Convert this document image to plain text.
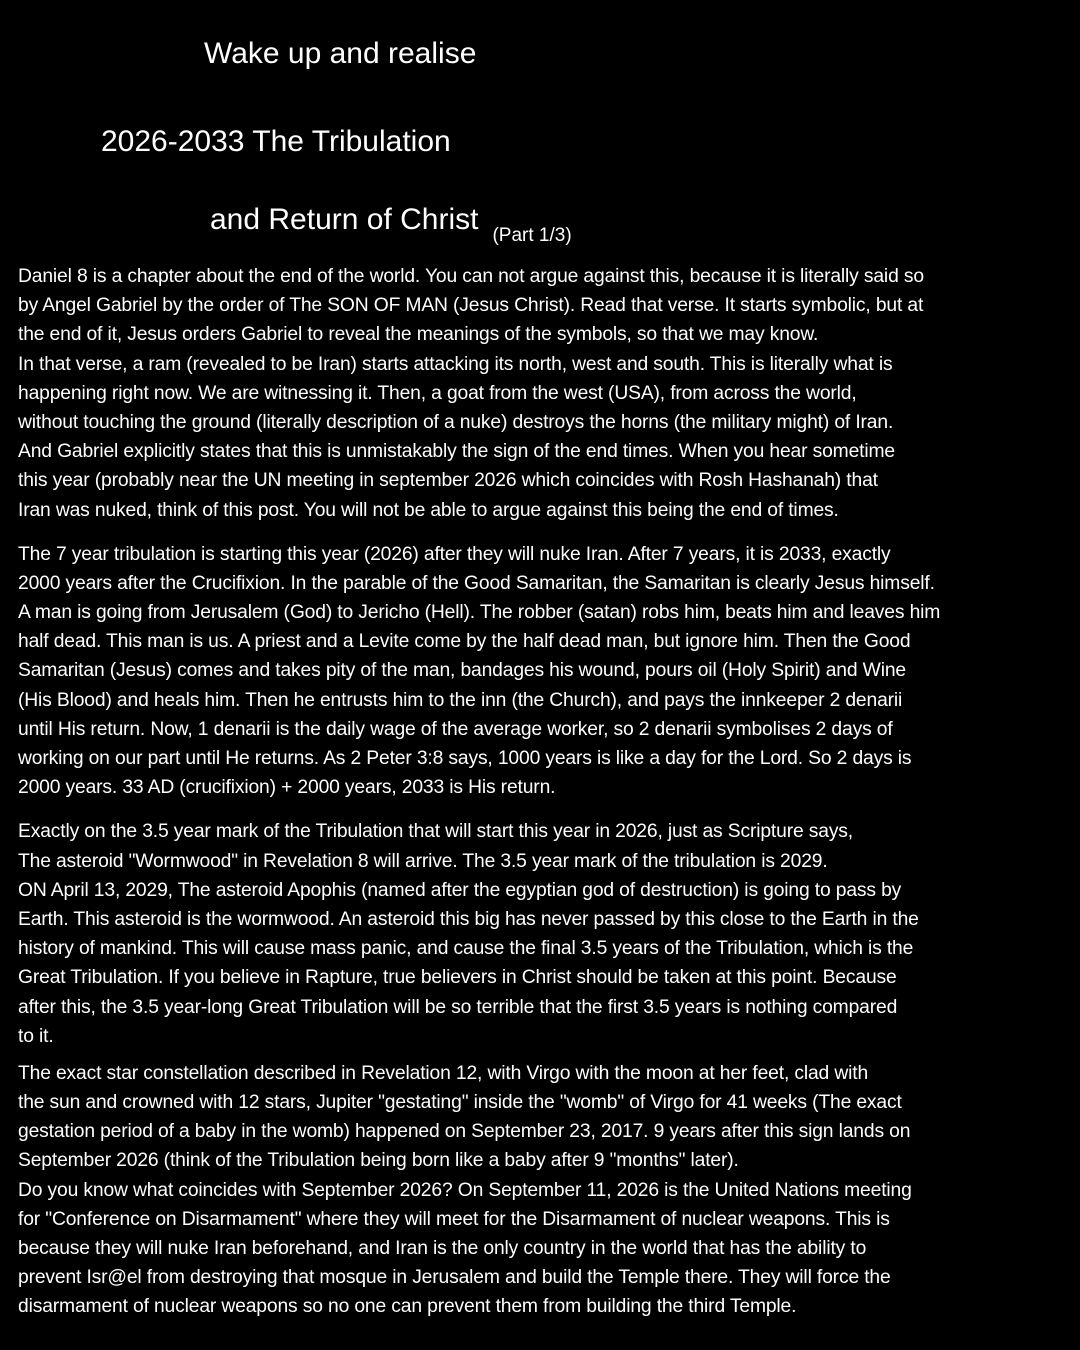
Wake up and realise
2026-2033 The Tribulation
and Return of Christ $^{(Part 1/3)}$

Daniel 8 is a chapter about the end of the world. You can not argue against this, because it is literally said so
by Angel Gabriel by the order of The SON OF MAN (Jesus Christ). Read that verse. It starts symbolic, but at
the end of it, Jesus orders Gabriel to reveal the meanings of the symbols, so that we may know.
In that verse, a ram (revealed to be Iran) starts attacking its north, west and south. This is literally what is
happening right now. We are witnessing it. Then, a goat from the west (USA), from across the world,
without touching the ground (literally description of a nuke) destroys the horns (the military might) of Iran.
And Gabriel explicitly states that this is unmistakably the sign of the end times. When you hear sometime
this year (probably near the UN meeting in september 2026 which coincides with Rosh Hashanah) that
Iran was nuked, think of this post. You will not be able to argue against this being the end of times.

The 7 year tribulation is starting this year (2026) after they will nuke Iran. After 7 years, it is 2033, exactly
2000 years after the Crucifixion. In the parable of the Good Samaritan, the Samaritan is clearly Jesus himself.
A man is going from Jerusalem (God) to Jericho (Hell). The robber (satan) robs him, beats him and leaves him
half dead. This man is us. A priest and a Levite come by the half dead man, but ignore him. Then the Good
Samaritan (Jesus) comes and takes pity of the man, bandages his wound, pours oil (Holy Spirit) and Wine
(His Blood) and heals him. Then he entrusts him to the inn (the Church), and pays the innkeeper 2 denarii
until His return. Now, 1 denarii is the daily wage of the average worker, so 2 denarii symbolises 2 days of
working on our part until He returns. As 2 Peter 3:8 says, 1000 years is like a day for the Lord. So 2 days is
2000 years. 33 AD (crucifixion) + 2000 years, 2033 is His return.

Exactly on the 3.5 year mark of the Tribulation that will start this year in 2026, just as Scripture says,
The asteroid "Wormwood" in Revelation 8 will arrive. The 3.5 year mark of the tribulation is 2029.
ON April 13, 2029, The asteroid Apophis (named after the egyptian god of destruction) is going to pass by
Earth. This asteroid is the wormwood. An asteroid this big has never passed by this close to the Earth in the
history of mankind. This will cause mass panic, and cause the final 3.5 years of the Tribulation, which is the
Great Tribulation. If you believe in Rapture, true believers in Christ should be taken at this point. Because
after this, the 3.5 year-long Great Tribulation will be so terrible that the first 3.5 years is nothing compared
to it.

The exact star constellation described in Revelation 12, with Virgo with the moon at her feet, clad with
the sun and crowned with 12 stars, Jupiter "gestating" inside the "womb" of Virgo for 41 weeks (The exact
gestation period of a baby in the womb) happened on September 23, 2017. 9 years after this sign lands on
September 2026 (think of the Tribulation being born like a baby after 9 "months" later).
Do you know what coincides with September 2026? On September 11, 2026 is the United Nations meeting
for "Conference on Disarmament" where they will meet for the Disarmament of nuclear weapons. This is
because they will nuke Iran beforehand, and Iran is the only country in the world that has the ability to
prevent Isr@el from destroying that mosque in Jerusalem and build the Temple there. They will force the
disarmament of nuclear weapons so no one can prevent them from building the third Temple.
